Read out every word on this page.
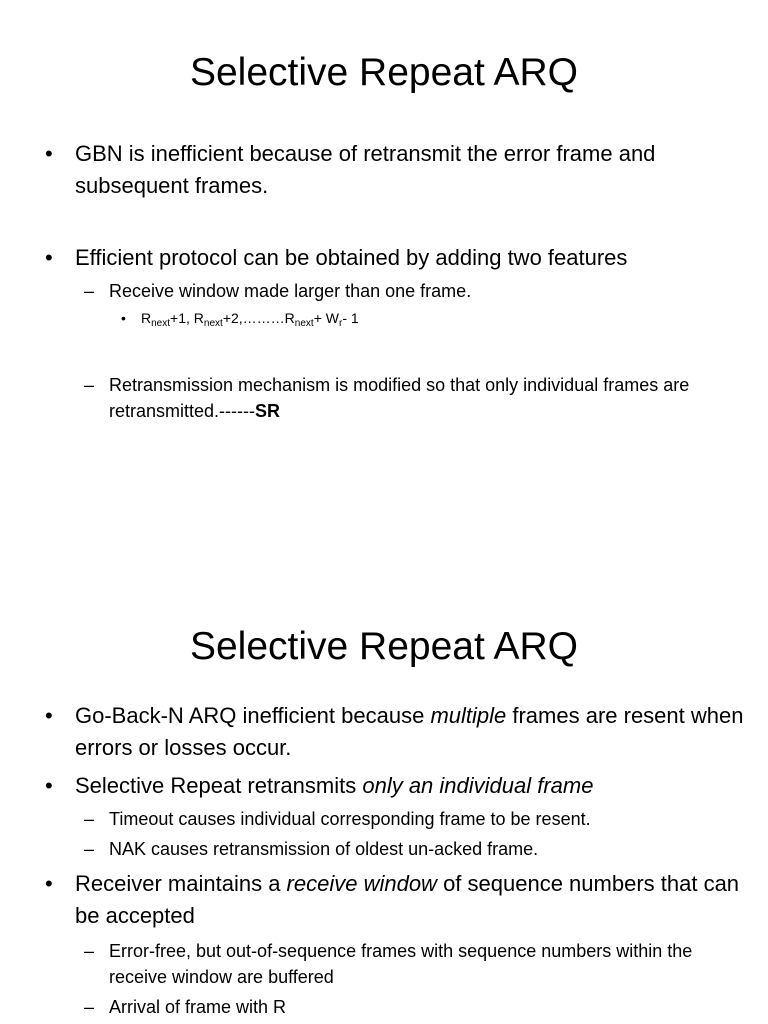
Selective Repeat ARQ
• GBN is inefficient because of retransmit the error frame and subsequent frames.
• Efficient protocol can be obtained by adding two features
– Receive window made larger than one frame.
• $R_{next}+1$, $R_{next}+2,\dots\dots\dots R_{next}+ W_r-$ 1
– Retransmission mechanism is modified so that only individual frames are retransmitted.------SR
Selective Repeat ARQ
• Go-Back-N ARQ inefficient because multiple frames are resent when errors or losses occur.
• Selective Repeat retransmits only an individual frame
– Timeout causes individual corresponding frame to be resent.
– NAK causes retransmission of oldest un-acked frame.
• Receiver maintains a receive window of sequence numbers that can be accepted
– Error-free, but out-of-sequence frames with sequence numbers within the receive window are buffered
– Arrival of frame with R
